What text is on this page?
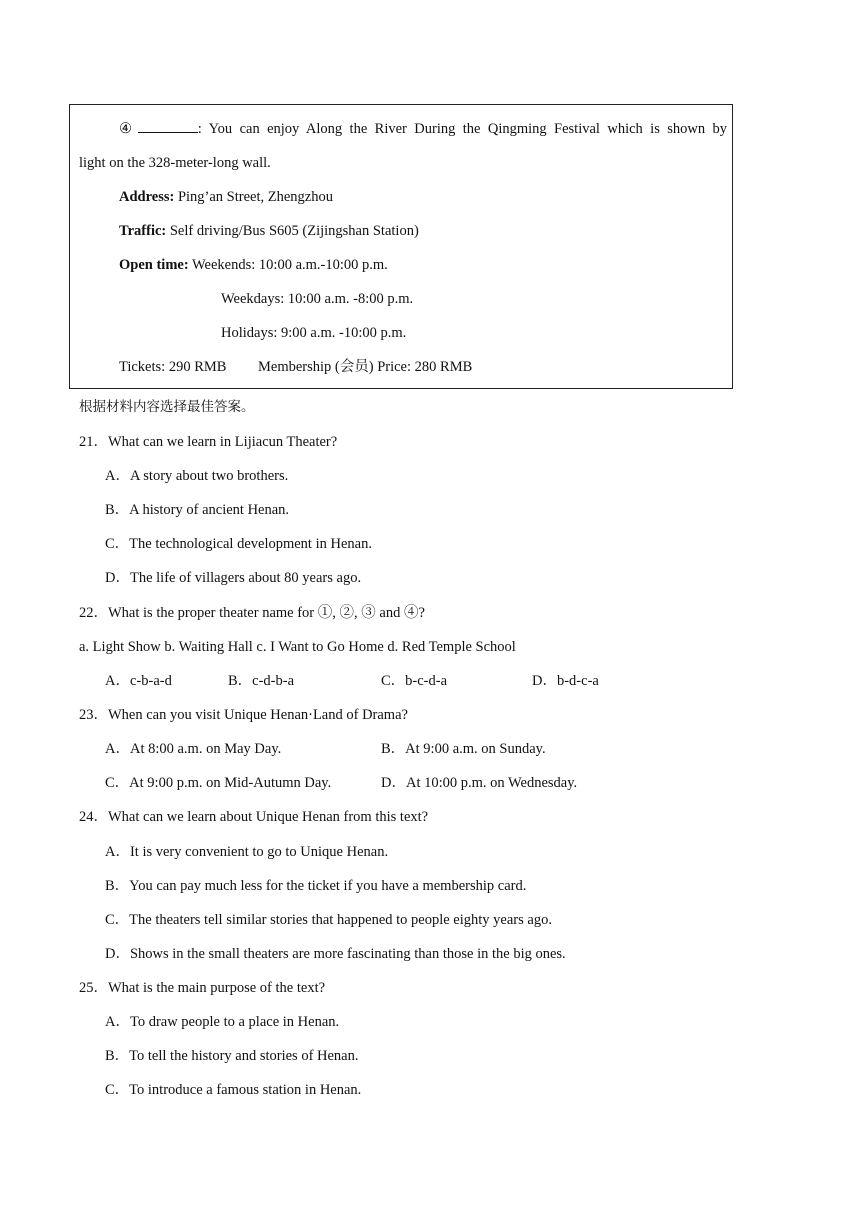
④	: You can enjoy Along the River During the Qingming Festival which is shown by
light on the 328-meter-long wall.
Address: Ping’an Street, Zhengzhou
Traffic: Self driving/Bus S605 (Zijingshan Station)
Open time: Weekends: 10:00 a.m.-10:00 p.m.
Weekdays: 10:00 a.m. -8:00 p.m.
Holidays: 9:00 a.m. -10:00 p.m.
Tickets: 290 RMB Membership (会员) Price: 280 RMB
根据材料内容选择最佳答案。
21．What can we learn in Lijiacun Theater?
A．A story about two brothers.
B．A history of ancient Henan.
C．The technological development in Henan.
D．The life of villagers about 80 years ago.
22．What is the proper theater name for ①, ②, ③ and ④?
a. Light Show b. Waiting Hall c. I Want to Go Home d. Red Temple School
A．c-b-a-d	B．c-d-b-a	C．b-c-d-a	D．b-d-c-a
23．When can you visit Unique Henan·Land of Drama?
A．At 8:00 a.m. on May Day.	B．At 9:00 a.m. on Sunday.
C．At 9:00 p.m. on Mid-Autumn Day.	D．At 10:00 p.m. on Wednesday.
24．What can we learn about Unique Henan from this text?
A．It is very convenient to go to Unique Henan.
B．You can pay much less for the ticket if you have a membership card.
C．The theaters tell similar stories that happened to people eighty years ago.
D．Shows in the small theaters are more fascinating than those in the big ones.
25．What is the main purpose of the text?
A．To draw people to a place in Henan.
B．To tell the history and stories of Henan.
C．To introduce a famous station in Henan.
